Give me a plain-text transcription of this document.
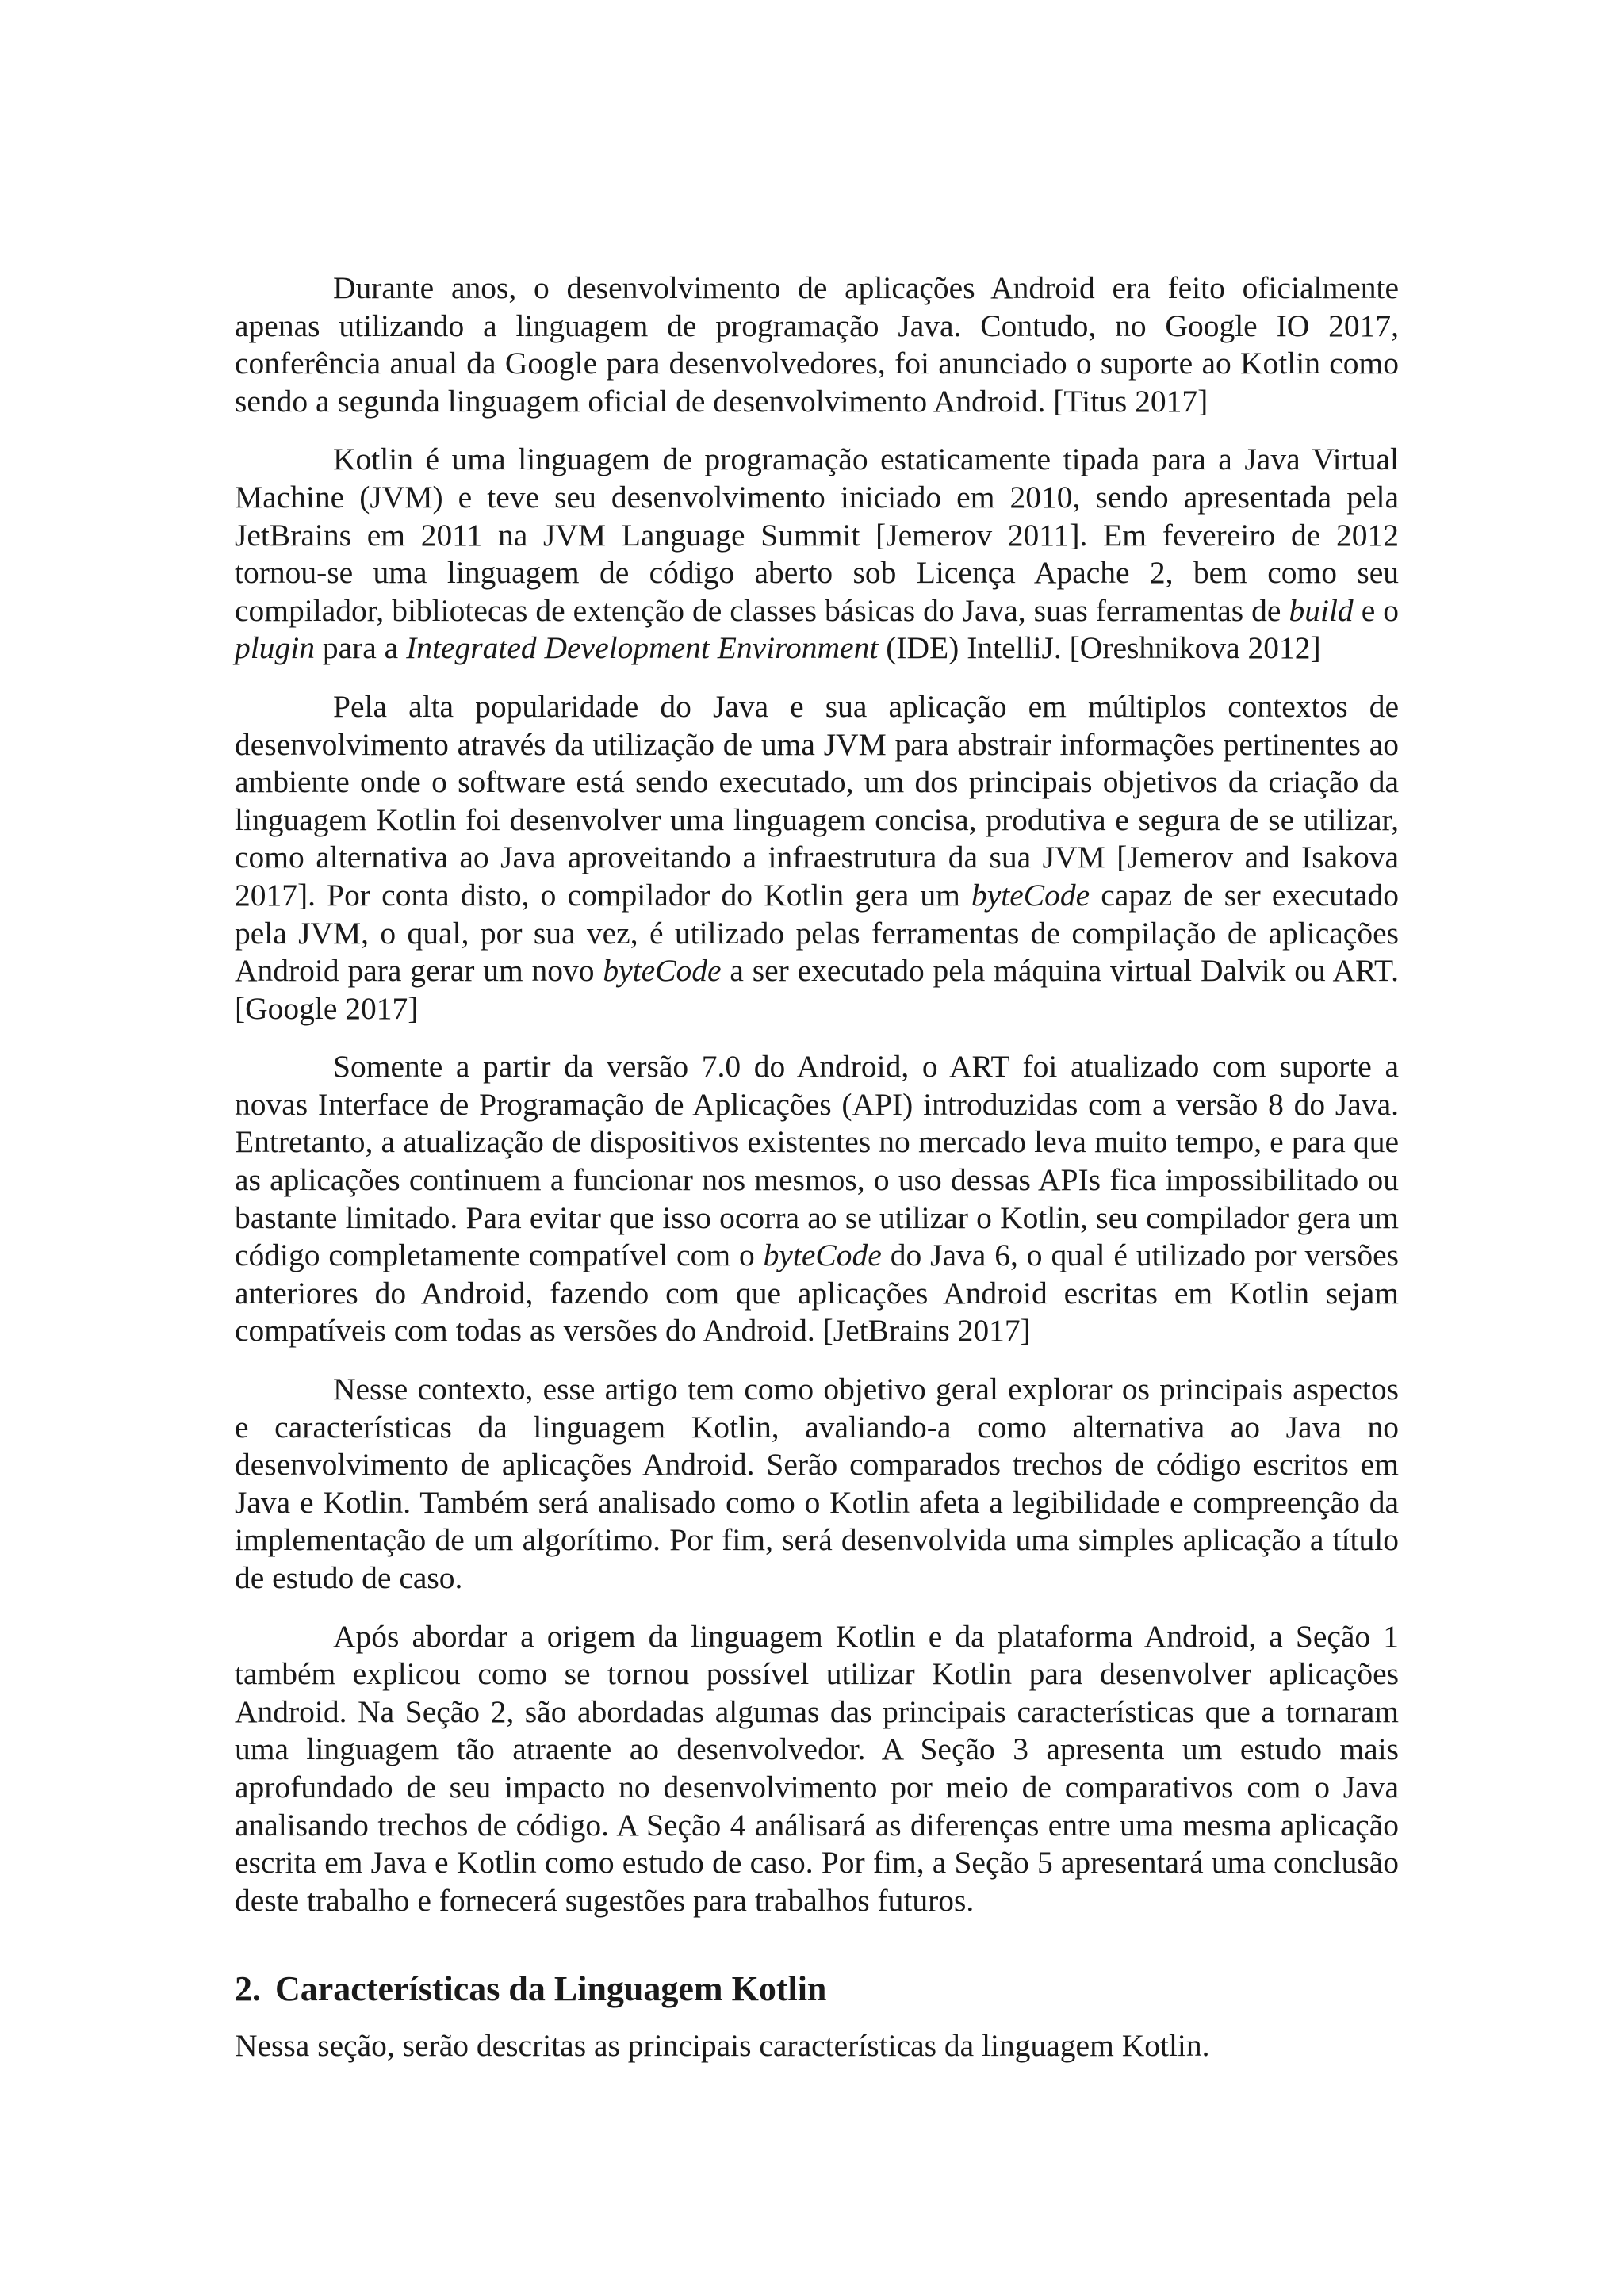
Durante anos, o desenvolvimento de aplicações Android era feito oficialmente apenas utilizando a linguagem de programação Java. Contudo, no Google IO 2017, conferência anual da Google para desenvolvedores, foi anunciado o suporte ao Kotlin como sendo a segunda linguagem oficial de desenvolvimento Android. [Titus 2017]

Kotlin é uma linguagem de programação estaticamente tipada para a Java Virtual Machine (JVM) e teve seu desenvolvimento iniciado em 2010, sendo apresentada pela JetBrains em 2011 na JVM Language Summit [Jemerov 2011]. Em fevereiro de 2012 tornou-se uma linguagem de código aberto sob Licença Apache 2, bem como seu compilador, bibliotecas de extenção de classes básicas do Java, suas ferramentas de build e o plugin para a Integrated Development Environment (IDE) IntelliJ. [Oreshnikova 2012]

Pela alta popularidade do Java e sua aplicação em múltiplos contextos de desenvolvimento através da utilização de uma JVM para abstrair informações pertinentes ao ambiente onde o software está sendo executado, um dos principais objetivos da criação da linguagem Kotlin foi desenvolver uma linguagem concisa, produtiva e segura de se utilizar, como alternativa ao Java aproveitando a infraestrutura da sua JVM [Jemerov and Isakova 2017]. Por conta disto, o compilador do Kotlin gera um byteCode capaz de ser executado pela JVM, o qual, por sua vez, é utilizado pelas ferramentas de compilação de aplicações Android para gerar um novo byteCode a ser executado pela máquina virtual Dalvik ou ART. [Google 2017]

Somente a partir da versão 7.0 do Android, o ART foi atualizado com suporte a novas Interface de Programação de Aplicações (API) introduzidas com a versão 8 do Java. Entretanto, a atualização de dispositivos existentes no mercado leva muito tempo, e para que as aplicações continuem a funcionar nos mesmos, o uso dessas APIs fica impossibilitado ou bastante limitado. Para evitar que isso ocorra ao se utilizar o Kotlin, seu compilador gera um código completamente compatível com o byteCode do Java 6, o qual é utilizado por versões anteriores do Android, fazendo com que aplicações Android escritas em Kotlin sejam compatíveis com todas as versões do Android. [JetBrains 2017]

Nesse contexto, esse artigo tem como objetivo geral explorar os principais aspectos e características da linguagem Kotlin, avaliando-a como alternativa ao Java no desenvolvimento de aplicações Android. Serão comparados trechos de código escritos em Java e Kotlin. Também será analisado como o Kotlin afeta a legibilidade e compreenção da implementação de um algorítimo. Por fim, será desenvolvida uma simples aplicação a título de estudo de caso.

Após abordar a origem da linguagem Kotlin e da plataforma Android, a Seção 1 também explicou como se tornou possível utilizar Kotlin para desenvolver aplicações Android. Na Seção 2, são abordadas algumas das principais características que a tornaram uma linguagem tão atraente ao desenvolvedor. A Seção 3 apresenta um estudo mais aprofundado de seu impacto no desenvolvimento por meio de comparativos com o Java analisando trechos de código. A Seção 4 análisará as diferenças entre uma mesma aplicação escrita em Java e Kotlin como estudo de caso. Por fim, a Seção 5 apresentará uma conclusão deste trabalho e fornecerá sugestões para trabalhos futuros.

2. Características da Linguagem Kotlin

Nessa seção, serão descritas as principais características da linguagem Kotlin.
